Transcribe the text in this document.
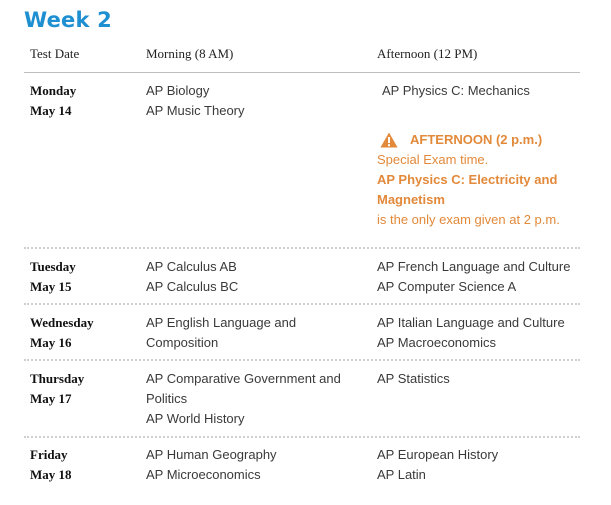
Week 2
Test Date	Morning (8 AM)	Afternoon (12 PM)
Monday
May 14
AP Biology
AP Music Theory
AP Physics C: Mechanics
AFTERNOON (2 p.m.)
Special Exam time.
AP Physics C: Electricity and
Magnetism
is the only exam given at 2 p.m.
Tuesday
May 15
AP Calculus AB
AP Calculus BC
AP French Language and Culture
AP Computer Science A
Wednesday
May 16
AP English Language and
Composition
AP Italian Language and Culture
AP Macroeconomics
Thursday
May 17
AP Comparative Government and
Politics
AP World History
AP Statistics
Friday
May 18
AP Human Geography
AP Microeconomics
AP European History
AP Latin
